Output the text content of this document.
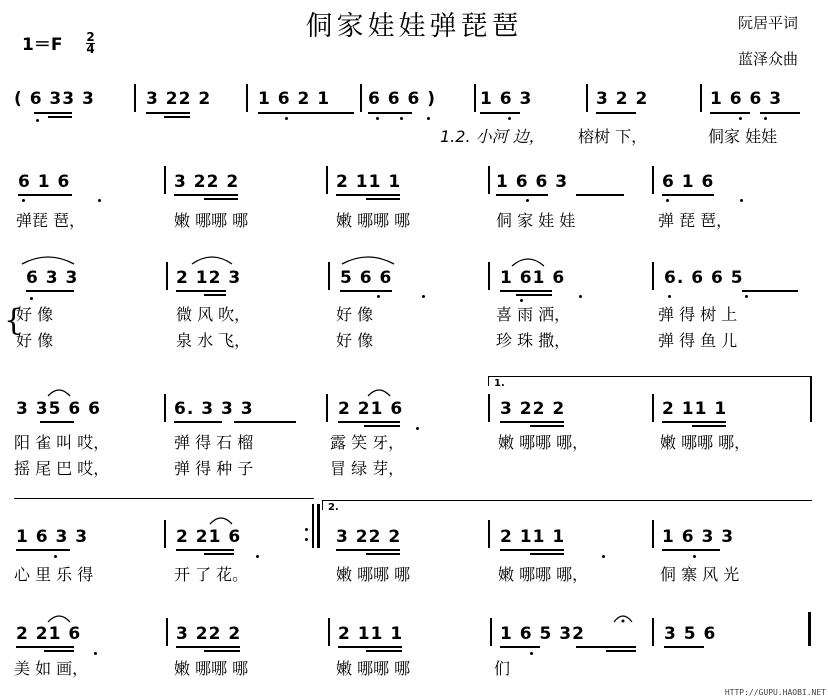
侗家娃娃弹琵琶
1＝F 2
4
阮居平词
蓝泽众曲
( 6 33 3	3 22 2	1 6 2 1 6 6 6 )	1 6 3	3 2 2	1 6 6 3
1.2. 小河 边， 榕树 下，	侗家 娃娃
6 1 6	3 22 2	2 11 1	1 6 6 3	6 1 6
弹琵 琶，	嫩 哪哪 哪	嫩 哪哪 哪	侗 家 娃 娃	弹 琵 琶，
6 3 3	2 12 3	5 6 6	1 61 6	6. 6 6 5
{
好 像	微 风 吹，	好 像	喜 雨 洒，	弹 得 树 上
好 像	泉 水 飞，	好 像	珍 珠 撒，	弹 得 鱼 儿
1.
3 35 6 6	6. 3 3 3	2 21 6	3 22 2	2 11 1
阳 雀 叫 哎，	弹 得 石 榴	露 笑 牙，	嫩 哪哪 哪，	嫩 哪哪 哪，
摇 尾 巴 哎，	弹 得 种 子	冒 绿 芽，
2.
1 6 3 3	2 21 6	3 22 2	2 11 1	1 6 3 3
心 里 乐 得	开 了 花。	嫩 哪哪 哪	嫩 哪哪 哪，	侗 寨 风 光
2 21 6	3 22 2	2 11 1	1 6 5 32	3 5 6
美 如 画，	嫩 哪哪 哪	嫩 哪哪 哪	们
HTTP://GUPU.HAOBI.NET
